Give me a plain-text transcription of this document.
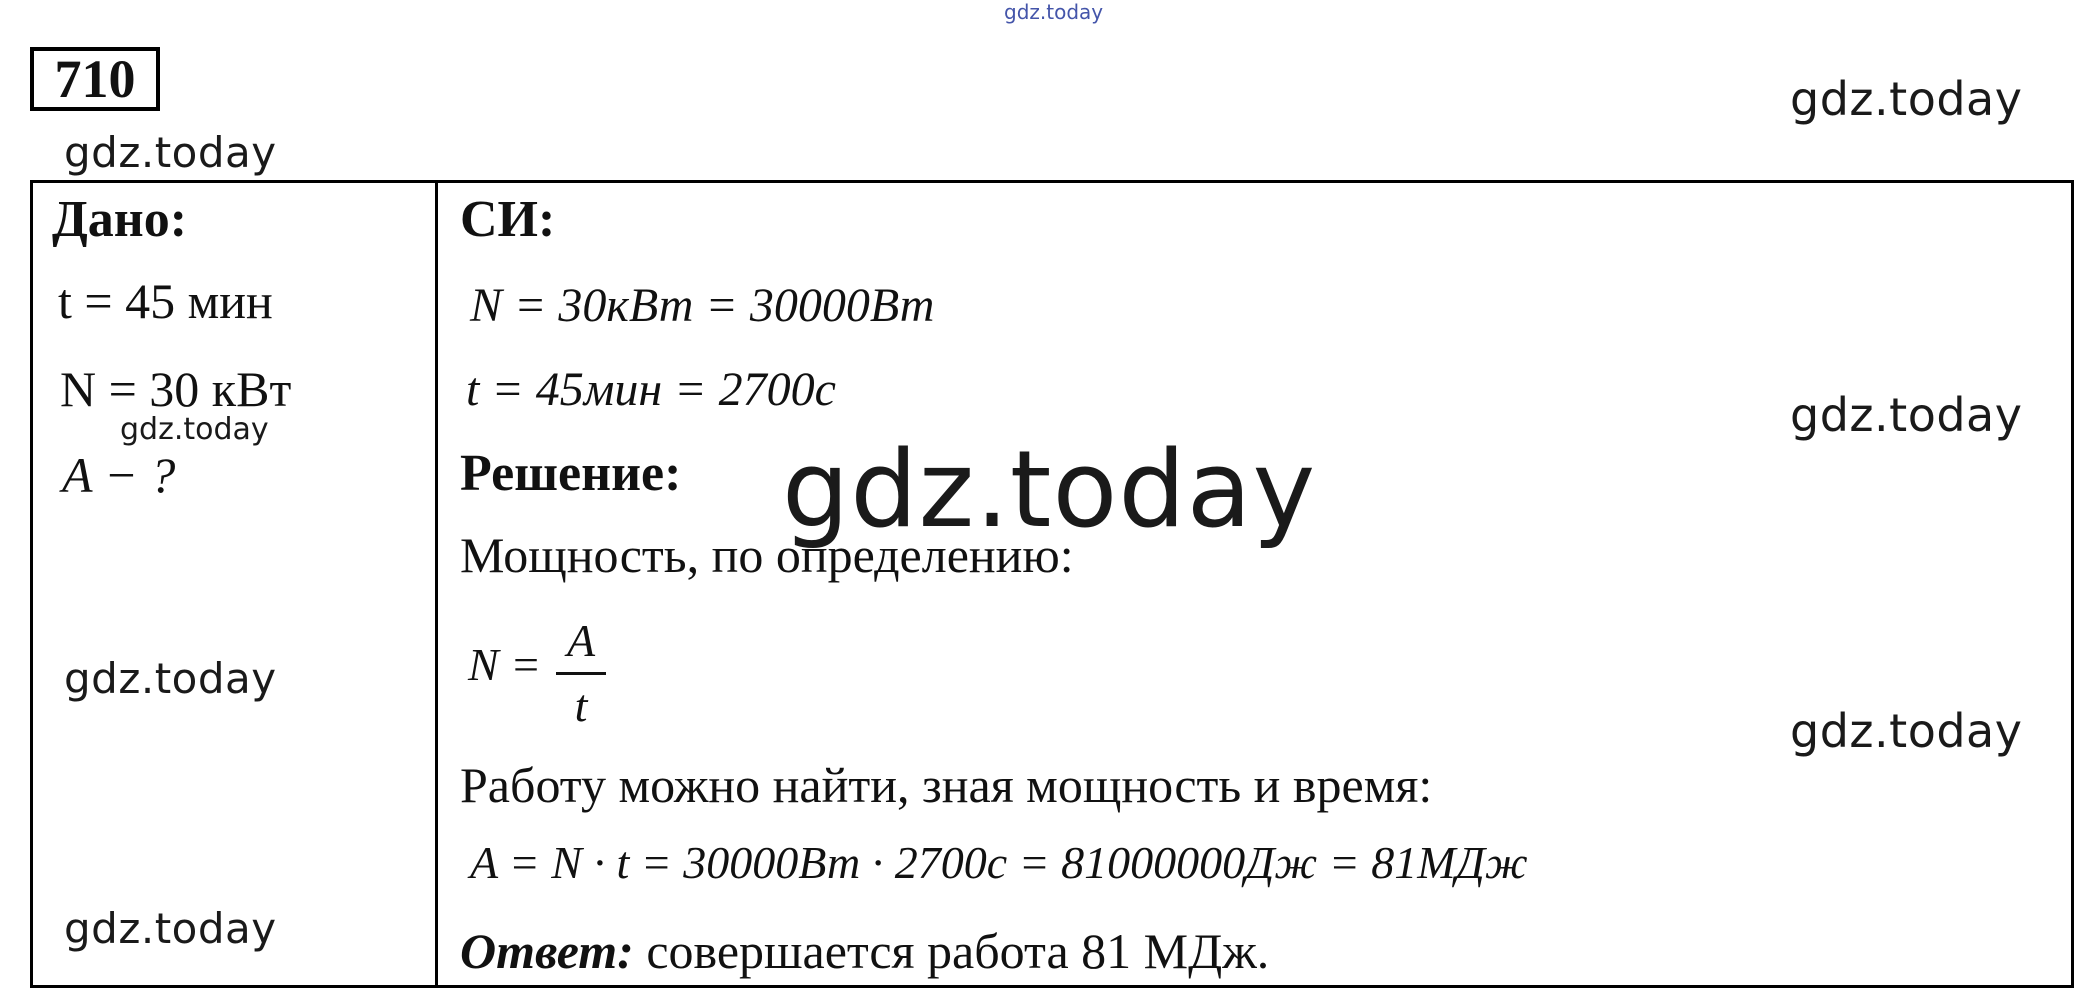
gdz.today
710	gdz.today
gdz.today
Дано:
t = 45 мин
N = 30 кВт
gdz.today
A − ?
СИ:
N = 30кВт = 30000Вт
t = 45мин = 2700с	gdz.today
Решение: gdz.today
Мощность, по определению:
N = A
t
gdz.today
gdz.today
Работу можно найти, зная мощность и время:
A = N · t = 30000Вт · 2700с = 81000000Дж = 81МДж
gdz.today	Ответ: совершается работа 81 МДж.
